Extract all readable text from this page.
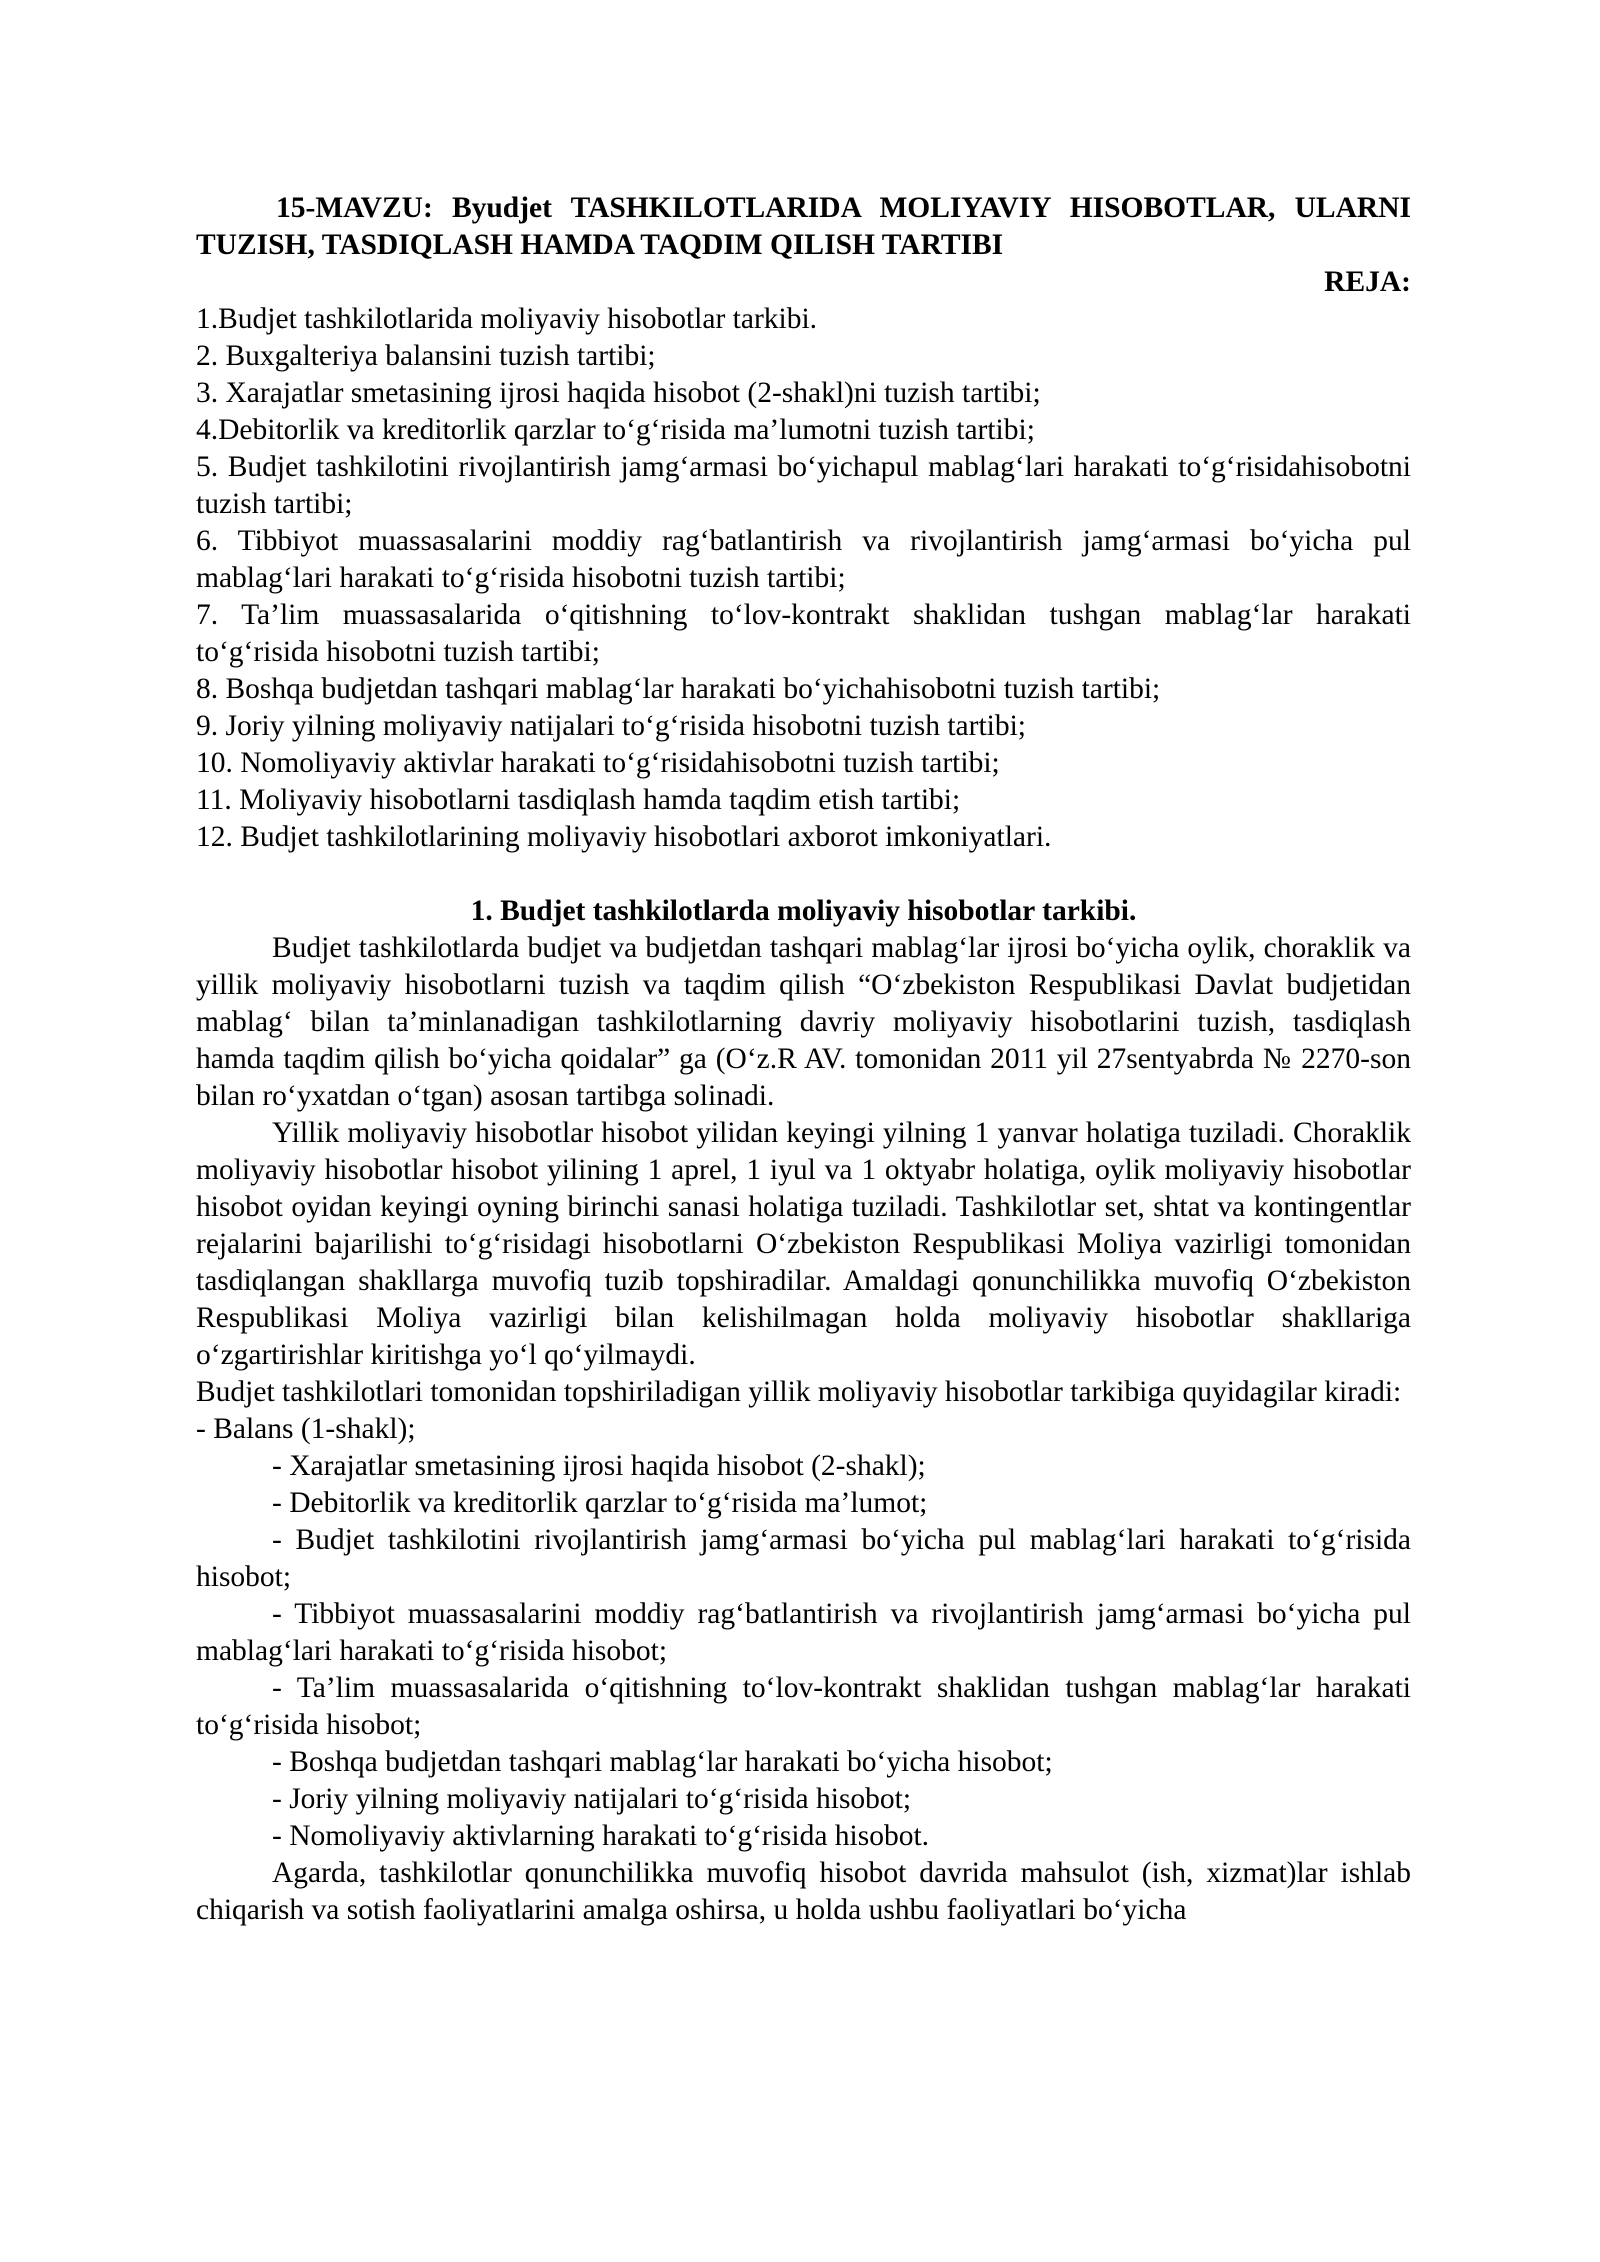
15-MAVZU: Byudjet TASHKILOTLARIDA MOLIYAVIY HISOBOTLAR, ULARNI TUZISH, TASDIQLASH HAMDA TAQDIM QILISH TARTIBI

REJA:

1.Budjet tashkilotlarida moliyaviy hisobotlar tarkibi.
2. Buxgalteriya balansini tuzish tartibi;
3. Xarajatlar smetasining ijrosi haqida hisobot (2-shakl)ni tuzish tartibi;
4.Debitorlik va kreditorlik qarzlar to‘g‘risida ma’lumotni tuzish tartibi;
5. Budjet tashkilotini rivojlantirish jamg‘armasi bo‘yichapul mablag‘lari harakati to‘g‘risidahisobotni tuzish tartibi;
6. Tibbiyot muassasalarini moddiy rag‘batlantirish va rivojlantirish jamg‘armasi bo‘yicha pul mablag‘lari harakati to‘g‘risida hisobotni tuzish tartibi;
7. Ta’lim muassasalarida o‘qitishning to‘lov-kontrakt shaklidan tushgan mablag‘lar harakati to‘g‘risida hisobotni tuzish tartibi;
8. Boshqa budjetdan tashqari mablag‘lar harakati bo‘yichahisobotni tuzish tartibi;
9. Joriy yilning moliyaviy natijalari to‘g‘risida hisobotni tuzish tartibi;
10. Nomoliyaviy aktivlar harakati to‘g‘risidahisobotni tuzish tartibi;
11. Moliyaviy hisobotlarni tasdiqlash hamda taqdim etish tartibi;
12. Budjet tashkilotlarining moliyaviy hisobotlari axborot imkoniyatlari.

1. Budjet tashkilotlarda moliyaviy hisobotlar tarkibi.

Budjet tashkilotlarda budjet va budjetdan tashqari mablag‘lar ijrosi bo‘yicha oylik, choraklik va yillik moliyaviy hisobotlarni tuzish va taqdim qilish “O‘zbekiston Respublikasi Davlat budjetidan mablag‘ bilan ta’minlanadigan tashkilotlarning davriy moliyaviy hisobotlarini tuzish, tasdiqlash hamda taqdim qilish bo‘yicha qoidalar” ga (O‘z.R AV. tomonidan 2011 yil 27sentyabrda № 2270-son bilan ro‘yxatdan o‘tgan) asosan tartibga solinadi.

Yillik moliyaviy hisobotlar hisobot yilidan keyingi yilning 1 yanvar holatiga tuziladi. Choraklik moliyaviy hisobotlar hisobot yilining 1 aprel, 1 iyul va 1 oktyabr holatiga, oylik moliyaviy hisobotlar hisobot oyidan keyingi oyning birinchi sanasi holatiga tuziladi. Tashkilotlar set, shtat va kontingentlar rejalarini bajarilishi to‘g‘risidagi hisobotlarni O‘zbekiston Respublikasi Moliya vazirligi tomonidan tasdiqlangan shakllarga muvofiq tuzib topshiradilar. Amaldagi qonunchilikka muvofiq O‘zbekiston Respublikasi Moliya vazirligi bilan kelishilmagan holda moliyaviy hisobotlar shakllariga o‘zgartirishlar kiritishga yo‘l qo‘yilmaydi.

Budjet tashkilotlari tomonidan topshiriladigan yillik moliyaviy hisobotlar tarkibiga quyidagilar kiradi:

- Balans (1-shakl);

- Xarajatlar smetasining ijrosi haqida hisobot (2-shakl);

- Debitorlik va kreditorlik qarzlar to‘g‘risida ma’lumot;

- Budjet tashkilotini rivojlantirish jamg‘armasi bo‘yicha pul mablag‘lari harakati to‘g‘risida hisobot;

- Tibbiyot muassasalarini moddiy rag‘batlantirish va rivojlantirish jamg‘armasi bo‘yicha pul mablag‘lari harakati to‘g‘risida hisobot;

- Ta’lim muassasalarida o‘qitishning to‘lov-kontrakt shaklidan tushgan mablag‘lar harakati to‘g‘risida hisobot;

- Boshqa budjetdan tashqari mablag‘lar harakati bo‘yicha hisobot;

- Joriy yilning moliyaviy natijalari to‘g‘risida hisobot;

- Nomoliyaviy aktivlarning harakati to‘g‘risida hisobot.

Agarda, tashkilotlar qonunchilikka muvofiq hisobot davrida mahsulot (ish, xizmat)lar ishlab chiqarish va sotish faoliyatlarini amalga oshirsa, u holda ushbu faoliyatlari bo‘yicha
